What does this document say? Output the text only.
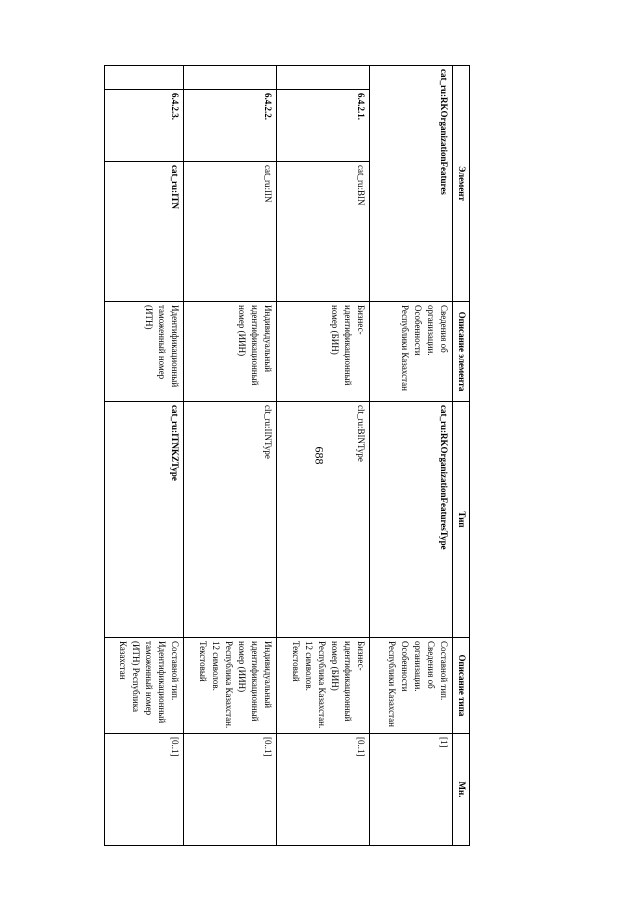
688
Элемент			Описание элемента	Тип	Описание типа	Мн.
cat_ru:RKOrganizationFeatures			Сведения об организации. Особенности Республики Казахстан	cat_ru:RKOrganizationFeaturesType	Составной тип. Сведения об организации. Особенности Республики Казахстан	[1]
	6.4.2.1.	cat_ru:BIN	Бизнес-идентификационный номер (БИН)	clt_ru:BINType	Бизнес-идентификационный номер (БИН) Республика Казахстан. 12 символов. Текстовый	[0..1]
	6.4.2.2.	cat_ru:IIN	Индивидуальный идентификационный номер (ИИН)	clt_ru:IINType	Индивидуальный идентификационный номер (ИИН) Республика Казахстан. 12 символов. Текстовый	[0..1]
	6.4.2.3.	cat_ru:ITN	Идентификационный таможенный номер (ИТН)	cat_ru:ITNKZType	Составной тип. Идентификационный таможенный номер (ИТН) Республика Казахстан	[0..1]
